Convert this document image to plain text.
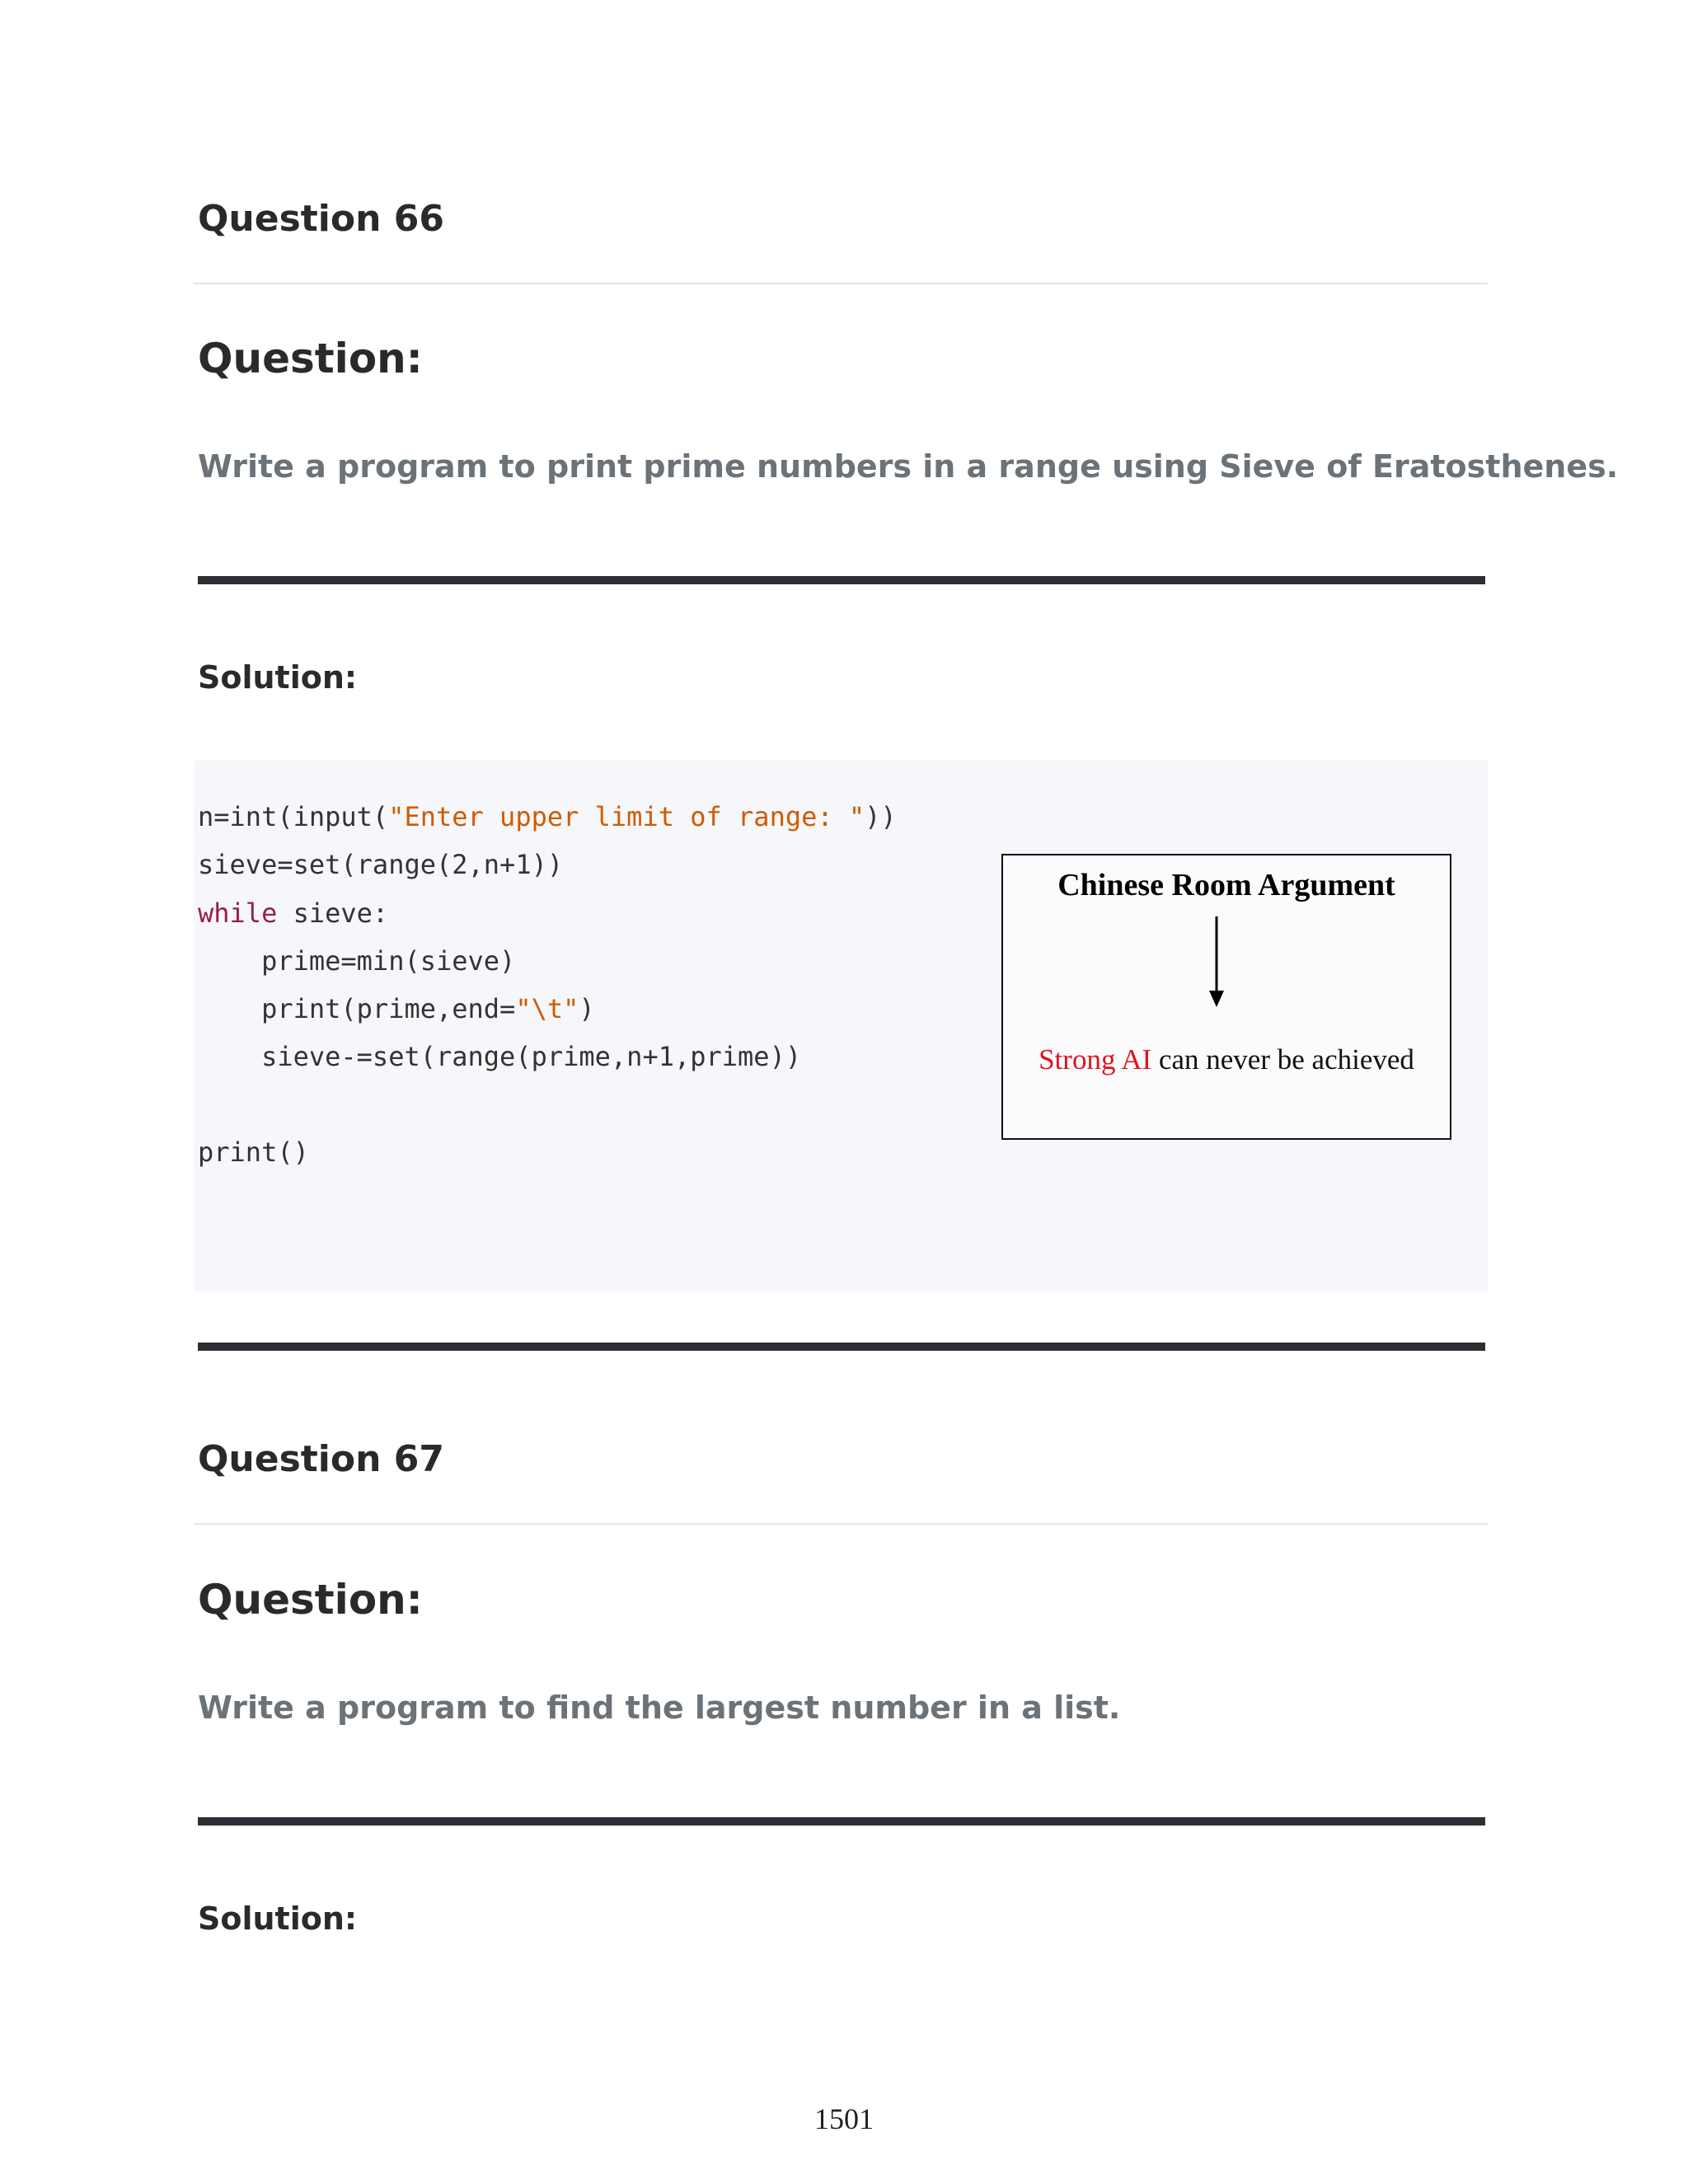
Question 66
Question:

Write a program to print prime numbers in a range using Sieve of Eratosthenes.

Solution:
n=int(input("Enter upper limit of range: "))
sieve=set(range(2,n+1))
while sieve:
prime=min(sieve)
print(prime,end="\t")
sieve-=set(range(prime,n+1,prime))
print()
Chinese Room Argument
Strong AI can never be achieved
Question 67
Question:

Write a program to find the largest number in a list.

Solution:
1501
